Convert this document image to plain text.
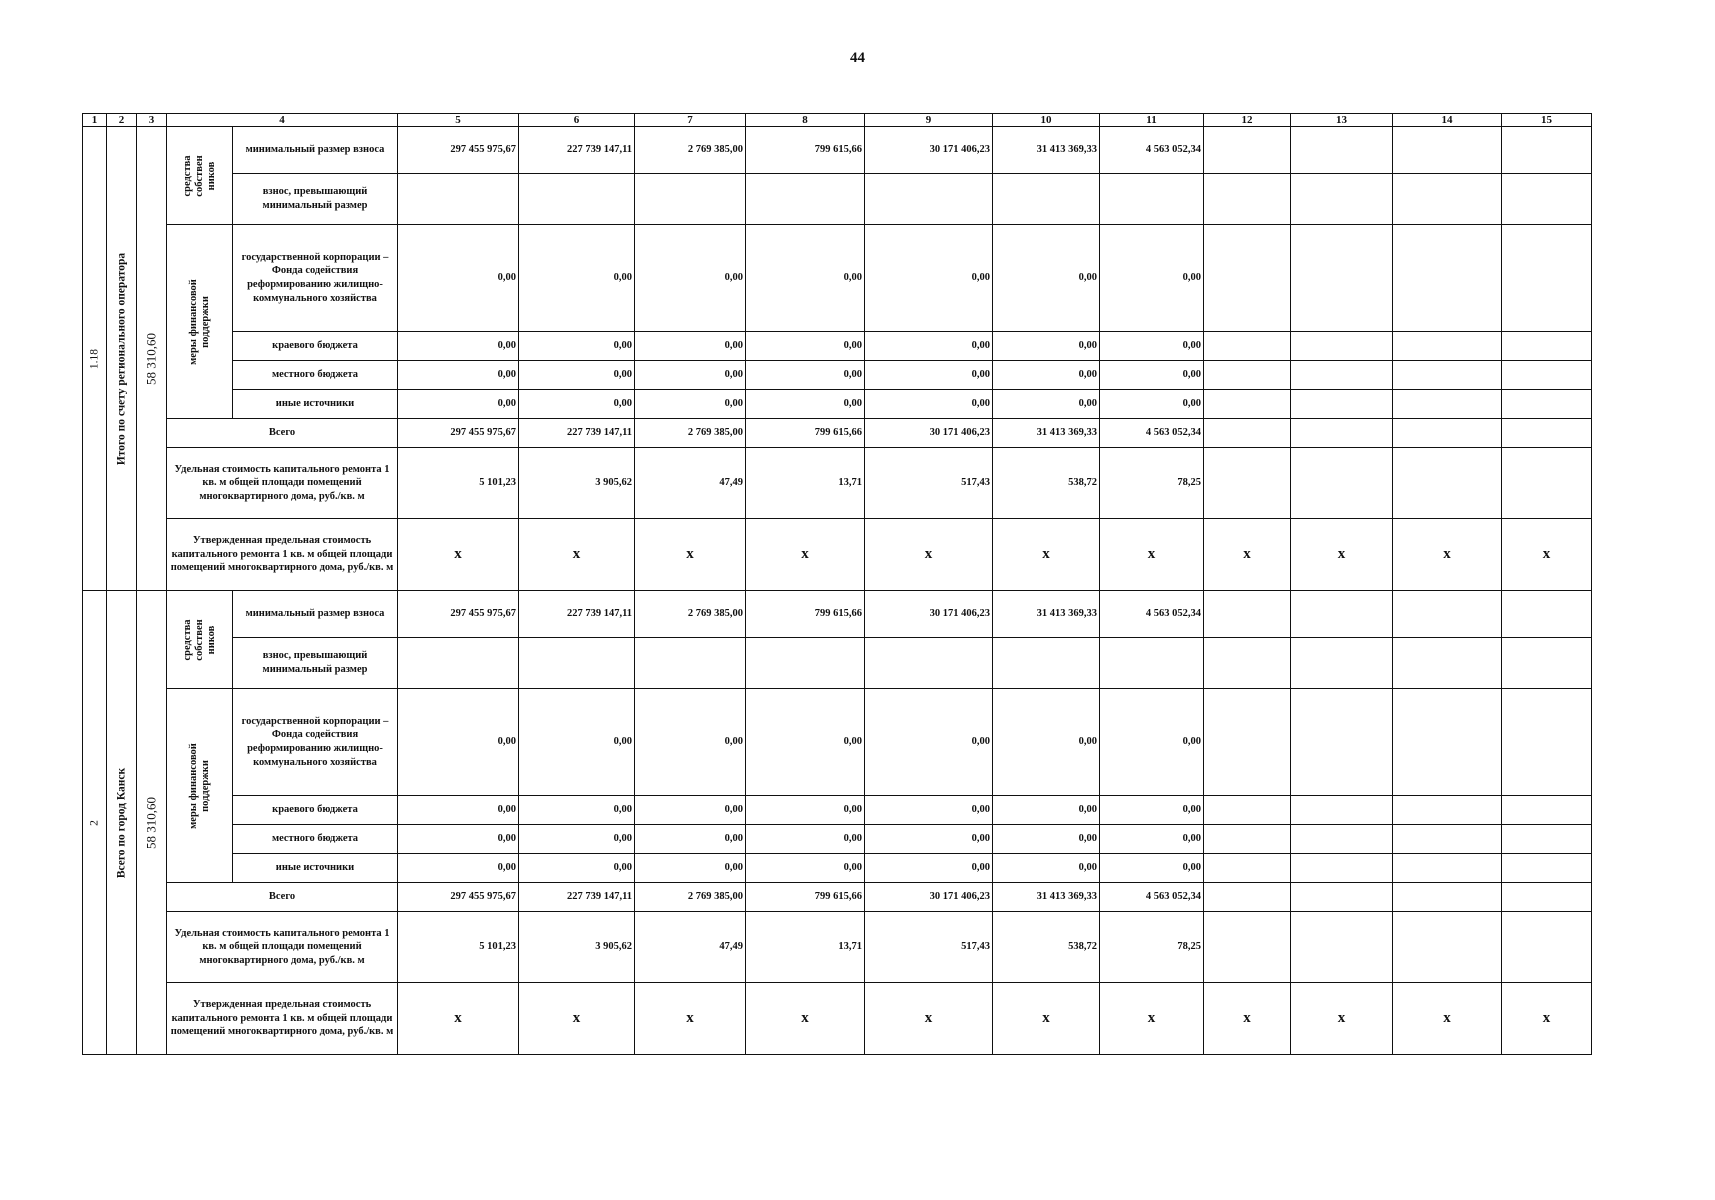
44
1	2	3	4		5	6	7	8	9	10	11	12	13	14	15

1.18	Итого по счету регионального оператора	58 310,60	средства собствен ников	минимальный размер взноса	297 455 975,67	227 739 147,11	2 769 385,00	799 615,66	30 171 406,23	31 413 369,33	4 563 052,34				
				взнос, превышающий минимальный размер											

			меры финансовой поддержки	государственной корпорации – Фонда содействия реформированию жилищно-коммунального хозяйства	0,00	0,00	0,00	0,00	0,00	0,00	0,00				
				краевого бюджета	0,00	0,00	0,00	0,00	0,00	0,00	0,00				
				местного бюджета	0,00	0,00	0,00	0,00	0,00	0,00	0,00				
				иные источники	0,00	0,00	0,00	0,00	0,00	0,00	0,00				
			Всего		297 455 975,67	227 739 147,11	2 769 385,00	799 615,66	30 171 406,23	31 413 369,33	4 563 052,34				
			Удельная стоимость капитального ремонта 1 кв. м общей площади помещений многоквартирного дома, руб./кв. м		5 101,23	3 905,62	47,49	13,71	517,43	538,72	78,25				
			Утвержденная предельная стоимость капитального ремонта 1 кв. м общей площади помещений многоквартирного дома, руб./кв. м		х	х	х	х	х	х	х	х	х	х	х

2	Всего по город Канск	58 310,60	средства собствен ников	минимальный размер взноса	297 455 975,67	227 739 147,11	2 769 385,00	799 615,66	30 171 406,23	31 413 369,33	4 563 052,34				
				взнос, превышающий минимальный размер											

			меры финансовой поддержки	государственной корпорации – Фонда содействия реформированию жилищно-коммунального хозяйства	0,00	0,00	0,00	0,00	0,00	0,00	0,00				
				краевого бюджета	0,00	0,00	0,00	0,00	0,00	0,00	0,00				
				местного бюджета	0,00	0,00	0,00	0,00	0,00	0,00	0,00				
				иные источники	0,00	0,00	0,00	0,00	0,00	0,00	0,00				
			Всего		297 455 975,67	227 739 147,11	2 769 385,00	799 615,66	30 171 406,23	31 413 369,33	4 563 052,34				
			Удельная стоимость капитального ремонта 1 кв. м общей площади помещений многоквартирного дома, руб./кв. м		5 101,23	3 905,62	47,49	13,71	517,43	538,72	78,25				
			Утвержденная предельная стоимость капитального ремонта 1 кв. м общей площади помещений многоквартирного дома, руб./кв. м		х	х	х	х	х	х	х	х	х	х	х
